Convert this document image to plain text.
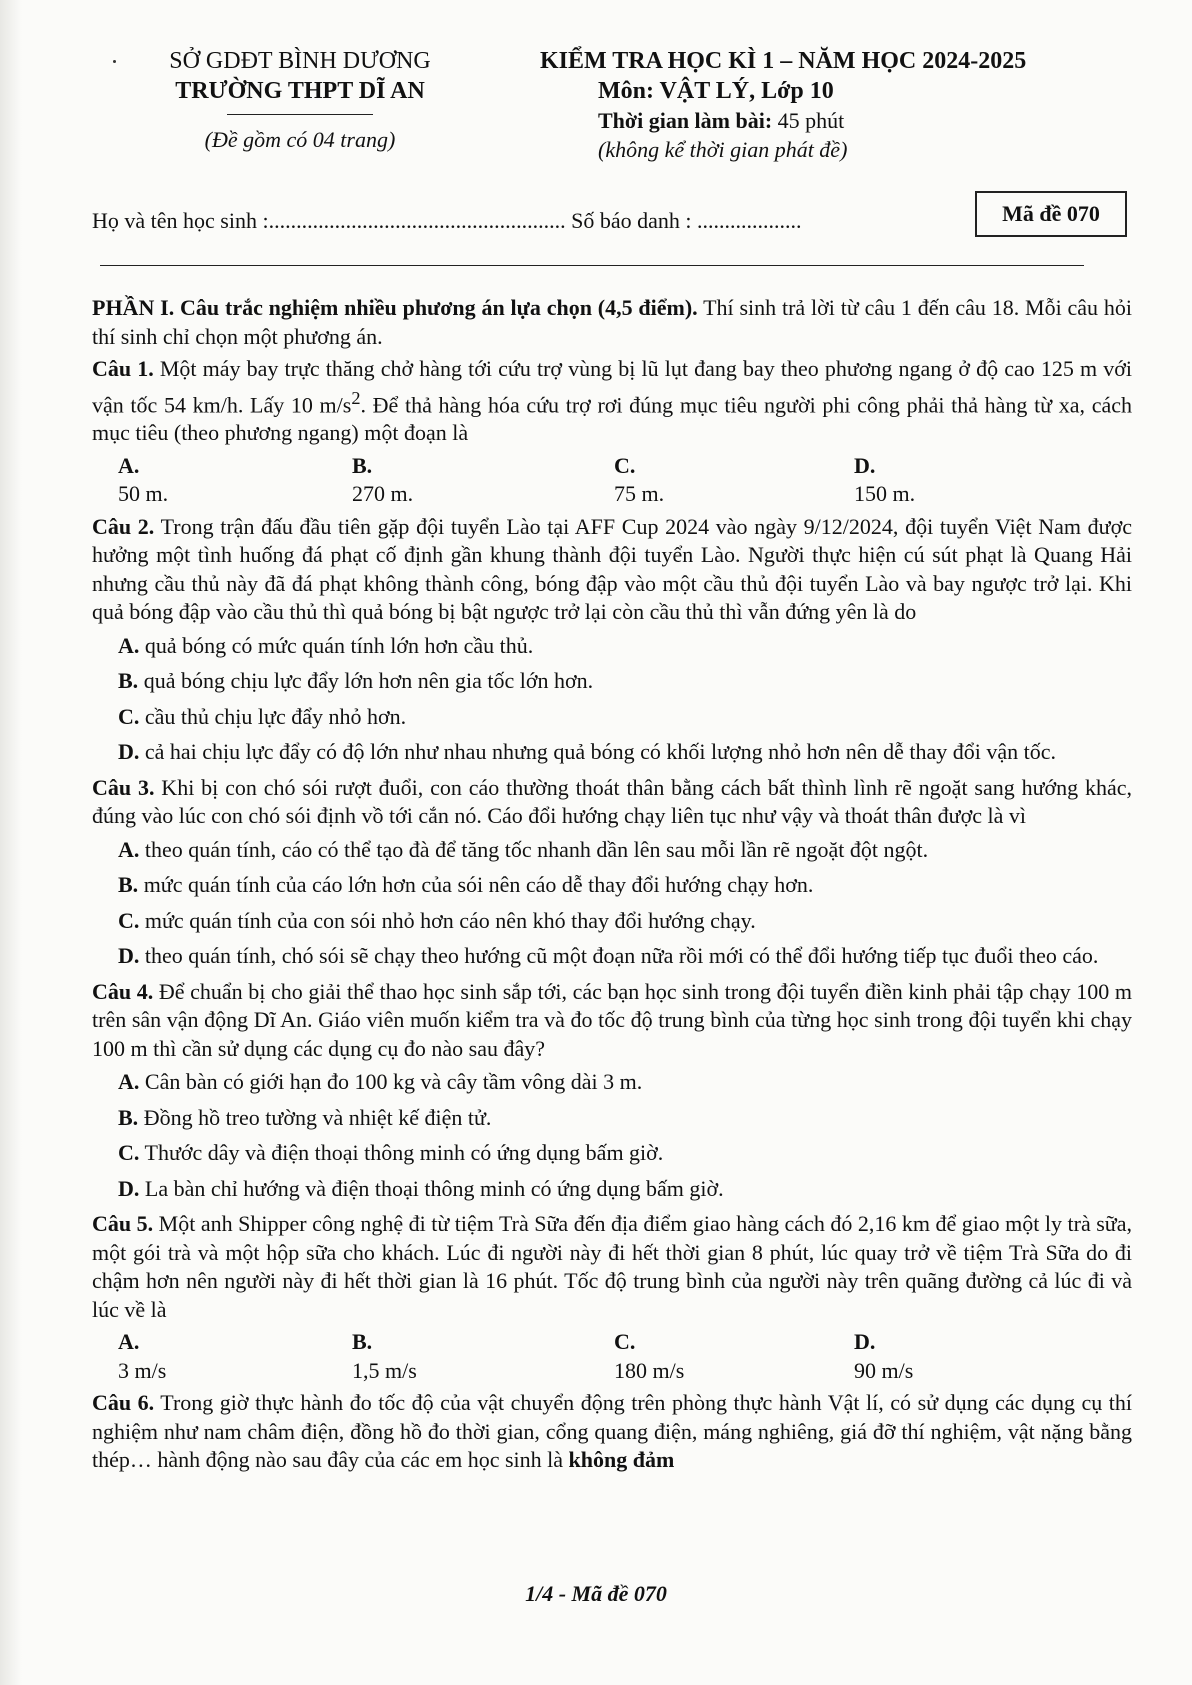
SỞ GDĐT BÌNH DƯƠNG
TRƯỜNG THPT DĨ AN
(Đề gồm có 04 trang)
KIỂM TRA HỌC KÌ 1 – NĂM HỌC 2024-2025
Môn: VẬT LÝ, Lớp 10
Thời gian làm bài: 45 phút
(không kể thời gian phát đề)
Họ và tên học sinh :...................................................... Số báo danh : ...................	Mã đề 070

PHẦN I. Câu trắc nghiệm nhiều phương án lựa chọn (4,5 điểm). Thí sinh trả lời từ câu 1 đến câu 18. Mỗi câu hỏi thí sinh chỉ chọn một phương án.

Câu 1. Một máy bay trực thăng chở hàng tới cứu trợ vùng bị lũ lụt đang bay theo phương ngang ở độ cao 125 m với vận tốc 54 km/h. Lấy 10 $m/s^2$. Để thả hàng hóa cứu trợ rơi đúng mục tiêu người phi công phải thả hàng từ xa, cách mục tiêu (theo phương ngang) một đoạn là

A.
50 m.
B.
270 m.
C.
75 m.
D.
150 m.

Câu 2. Trong trận đấu đầu tiên gặp đội tuyển Lào tại AFF Cup 2024 vào ngày 9/12/2024, đội tuyển Việt Nam được hưởng một tình huống đá phạt cố định gần khung thành đội tuyển Lào. Người thực hiện cú sút phạt là Quang Hải nhưng cầu thủ này đã đá phạt không thành công, bóng đập vào một cầu thủ đội tuyển Lào và bay ngược trở lại. Khi quả bóng đập vào cầu thủ thì quả bóng bị bật ngược trở lại còn cầu thủ thì vẫn đứng yên là do

A. quả bóng có mức quán tính lớn hơn cầu thủ.
B. quả bóng chịu lực đẩy lớn hơn nên gia tốc lớn hơn.
C. cầu thủ chịu lực đẩy nhỏ hơn.
D. cả hai chịu lực đẩy có độ lớn như nhau nhưng quả bóng có khối lượng nhỏ hơn nên dễ thay đổi vận tốc.

Câu 3. Khi bị con chó sói rượt đuổi, con cáo thường thoát thân bằng cách bất thình lình rẽ ngoặt sang hướng khác, đúng vào lúc con chó sói định vồ tới cắn nó. Cáo đổi hướng chạy liên tục như vậy và thoát thân được là vì

A. theo quán tính, cáo có thể tạo đà để tăng tốc nhanh dần lên sau mỗi lần rẽ ngoặt đột ngột.
B. mức quán tính của cáo lớn hơn của sói nên cáo dễ thay đổi hướng chạy hơn.
C. mức quán tính của con sói nhỏ hơn cáo nên khó thay đổi hướng chạy.
D. theo quán tính, chó sói sẽ chạy theo hướng cũ một đoạn nữa rồi mới có thể đổi hướng tiếp tục đuổi theo cáo.

Câu 4. Để chuẩn bị cho giải thể thao học sinh sắp tới, các bạn học sinh trong đội tuyển điền kinh phải tập chạy 100 m trên sân vận động Dĩ An. Giáo viên muốn kiểm tra và đo tốc độ trung bình của từng học sinh trong đội tuyển khi chạy 100 m thì cần sử dụng các dụng cụ đo nào sau đây?

A. Cân bàn có giới hạn đo 100 kg và cây tầm vông dài 3 m.
B. Đồng hồ treo tường và nhiệt kế điện tử.
C. Thước dây và điện thoại thông minh có ứng dụng bấm giờ.
D. La bàn chỉ hướng và điện thoại thông minh có ứng dụng bấm giờ.

Câu 5. Một anh Shipper công nghệ đi từ tiệm Trà Sữa đến địa điểm giao hàng cách đó 2,16 km để giao một ly trà sữa, một gói trà và một hộp sữa cho khách. Lúc đi người này đi hết thời gian 8 phút, lúc quay trở về tiệm Trà Sữa do đi chậm hơn nên người này đi hết thời gian là 16 phút. Tốc độ trung bình của người này trên quãng đường cả lúc đi và lúc về là

A.
3 m/s
B.
1,5 m/s
C.
180 m/s
D.
90 m/s

Câu 6. Trong giờ thực hành đo tốc độ của vật chuyển động trên phòng thực hành Vật lí, có sử dụng các dụng cụ thí nghiệm như nam châm điện, đồng hồ đo thời gian, cổng quang điện, máng nghiêng, giá đỡ thí nghiệm, vật nặng bằng thép… hành động nào sau đây của các em học sinh là không đảm

1/4 - Mã đề 070
